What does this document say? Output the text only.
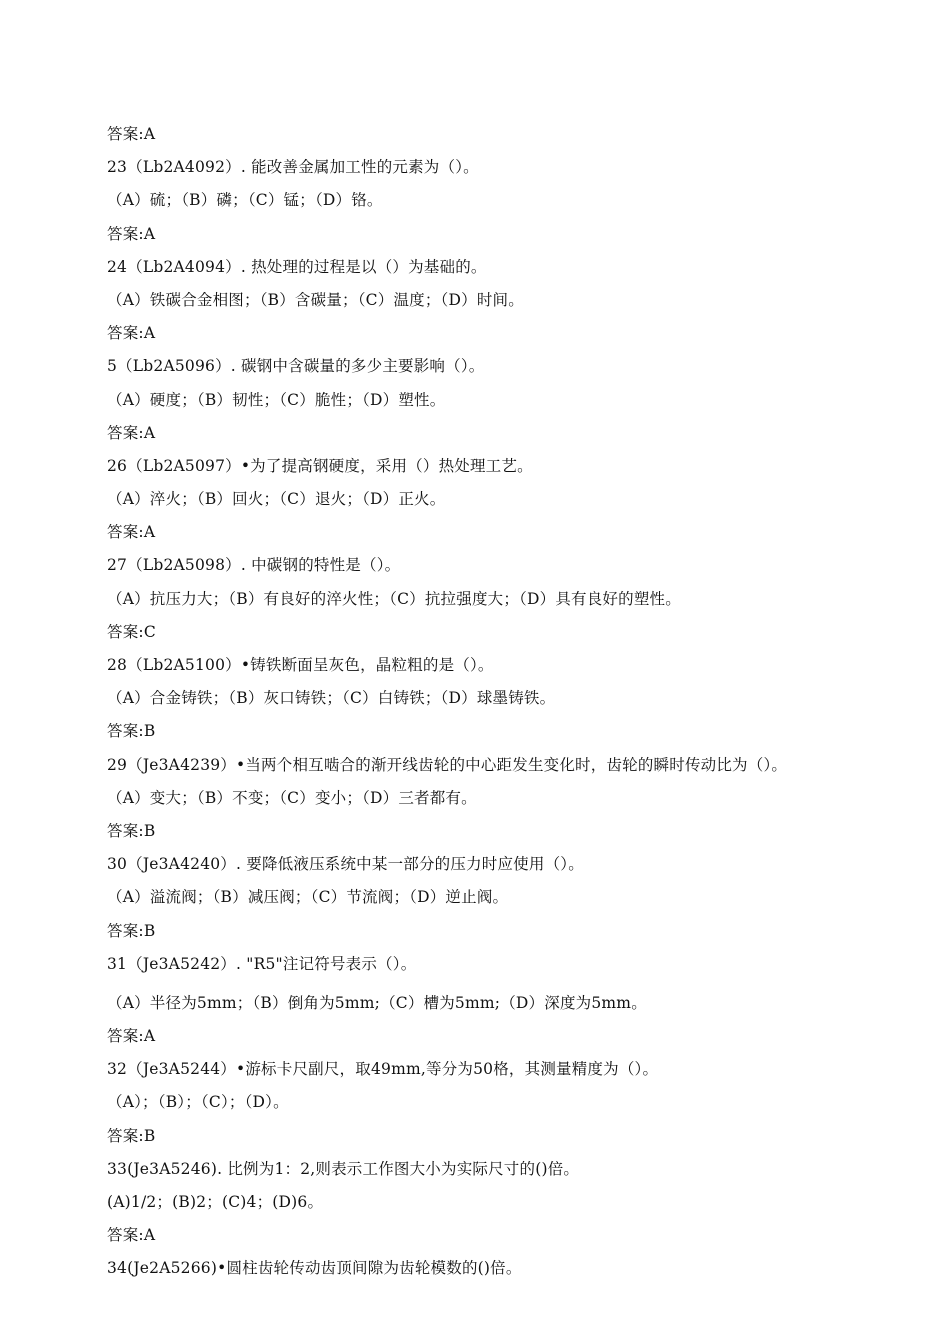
答案:A
23（Lb2A4092）. 能改善金属加工性的元素为（）。
（A）硫；（B）磷；（C）锰；（D）铬。
答案:A
24（Lb2A4094）. 热处理的过程是以（）为基础的。
（A）铁碳合金相图；（B）含碳量；（C）温度；（D）时间。
答案:A
5（Lb2A5096）. 碳钢中含碳量的多少主要影响（）。
（A）硬度；（B）韧性；（C）脆性；（D）塑性。
答案:A
26（Lb2A5097）•为了提高钢硬度，采用（）热处理工艺。
（A）淬火；（B）回火；（C）退火；（D）正火。
答案:A
27（Lb2A5098）. 中碳钢的特性是（）。
（A）抗压力大；（B）有良好的淬火性；（C）抗拉强度大；（D）具有良好的塑性。
答案:C
28（Lb2A5100）•铸铁断面呈灰色，晶粒粗的是（）。
（A）合金铸铁；（B）灰口铸铁；（C）白铸铁；（D）球墨铸铁。
答案:B
29（Je3A4239）•当两个相互啮合的渐开线齿轮的中心距发生变化时，齿轮的瞬时传动比为（）。
（A）变大；（B）不变；（C）变小；（D）三者都有。
答案:B
30（Je3A4240）. 要降低液压系统中某一部分的压力时应使用（）。
（A）溢流阀；（B）减压阀；（C）节流阀；（D）逆止阀。
答案:B
31（Je3A5242）. "R5"注记符号表示（）。
（A）半径为5mm；（B）倒角为5mm;（C）槽为5mm;（D）深度为5mm。
答案:A
32（Je3A5244）•游标卡尺副尺，取49mm,等分为50格，其测量精度为（）。
（A）；（B）；（C）；（D）。
答案:B
33(Je3A5246). 比例为1：2,则表示工作图大小为实际尺寸的()倍。
(A)1/2；(B)2；(C)4；(D)6。
答案:A
34(Je2A5266)•圆柱齿轮传动齿顶间隙为齿轮模数的()倍。
